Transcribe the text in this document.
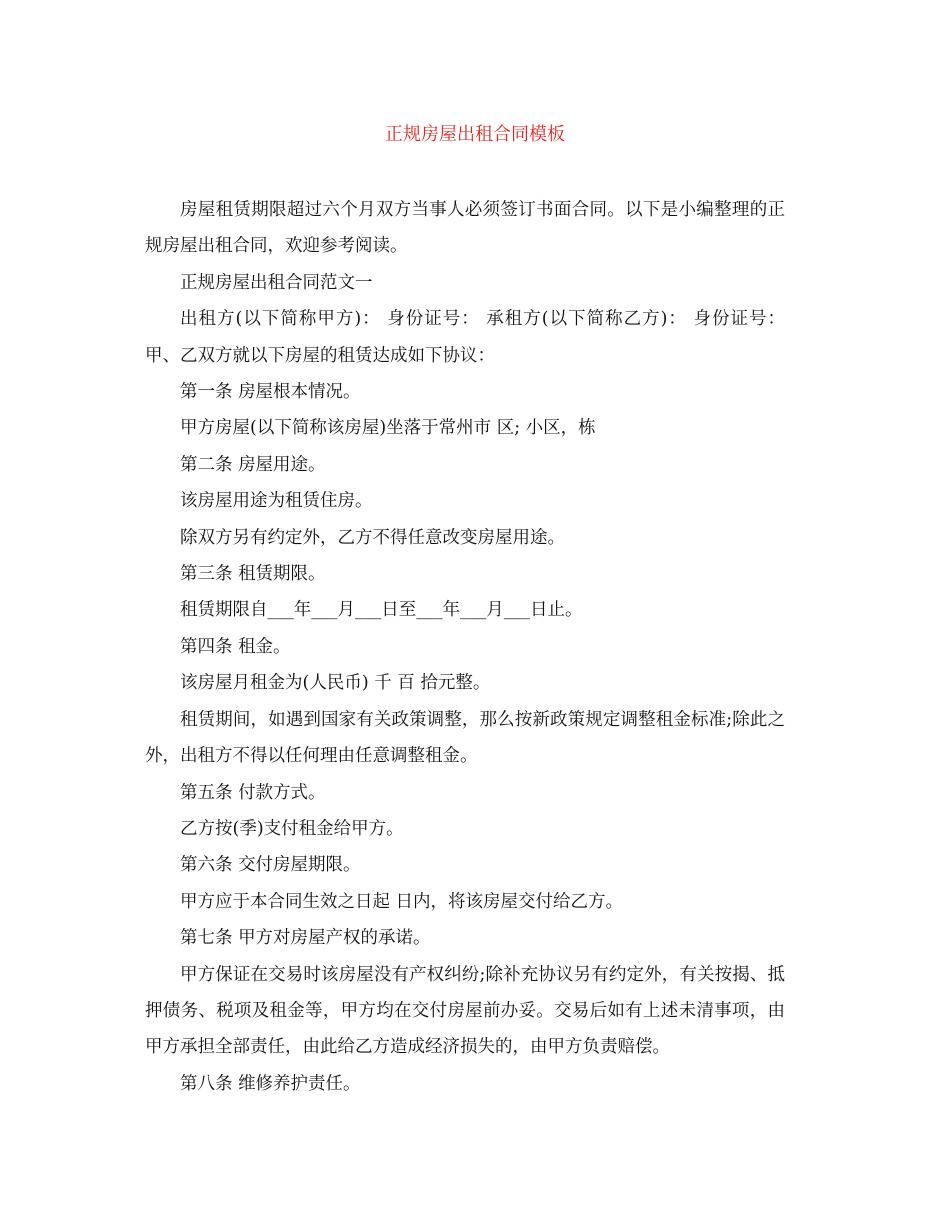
正规房屋出租合同模板

房屋租赁期限超过六个月双方当事人必须签订书面合同。以下是小编整理的正规房屋出租合同，欢迎参考阅读。

正规房屋出租合同范文一

出租方(以下简称甲方)： 身份证号： 承租方(以下简称乙方)： 身份证号： 甲、乙双方就以下房屋的租赁达成如下协议：

第一条 房屋根本情况。

甲方房屋(以下简称该房屋)坐落于常州市 区; 小区，栋

第二条 房屋用途。

该房屋用途为租赁住房。

除双方另有约定外，乙方不得任意改变房屋用途。

第三条 租赁期限。

租赁期限自___年___月___日至___年___月___日止。

第四条 租金。

该房屋月租金为(人民币) 千 百 拾元整。

租赁期间，如遇到国家有关政策调整，那么按新政策规定调整租金标准;除此之外，出租方不得以任何理由任意调整租金。

第五条 付款方式。

乙方按(季)支付租金给甲方。

第六条 交付房屋期限。

甲方应于本合同生效之日起 日内，将该房屋交付给乙方。

第七条 甲方对房屋产权的承诺。

甲方保证在交易时该房屋没有产权纠纷;除补充协议另有约定外，有关按揭、抵押债务、税项及租金等，甲方均在交付房屋前办妥。交易后如有上述未清事项，由甲方承担全部责任，由此给乙方造成经济损失的，由甲方负责赔偿。

第八条 维修养护责任。
